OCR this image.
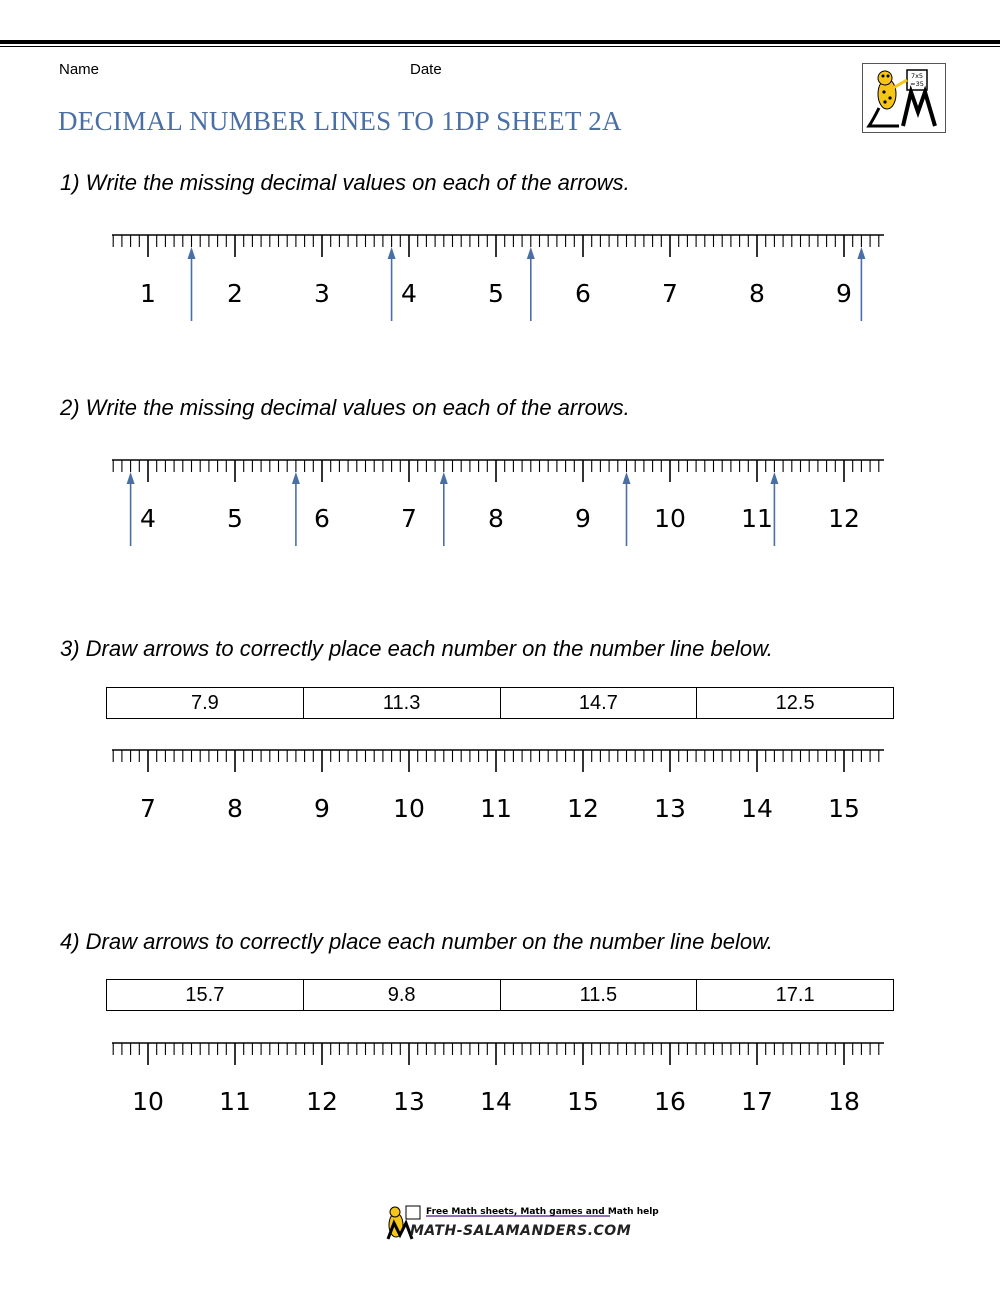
Name	Date
DECIMAL NUMBER LINES TO 1DP SHEET 2A
7x5
=35

1) Write the missing decimal values on each of the arrows.

1	2	3	4	5	6	7	8	9

2) Write the missing decimal values on each of the arrows.

4	5	6	7	8	9	10 11 12

3) Draw arrows to correctly place each number on the number line below.

7.9	11.3	14.7	12.5
7	8	9	10 11 12 13 14 15

4) Draw arrows to correctly place each number on the number line below.

15.7	9.8	11.5	17.1
10 11 12 13 14 15 16 17 18
Free Math sheets, Math games and Math help
MATH-SALAMANDERS.COM
